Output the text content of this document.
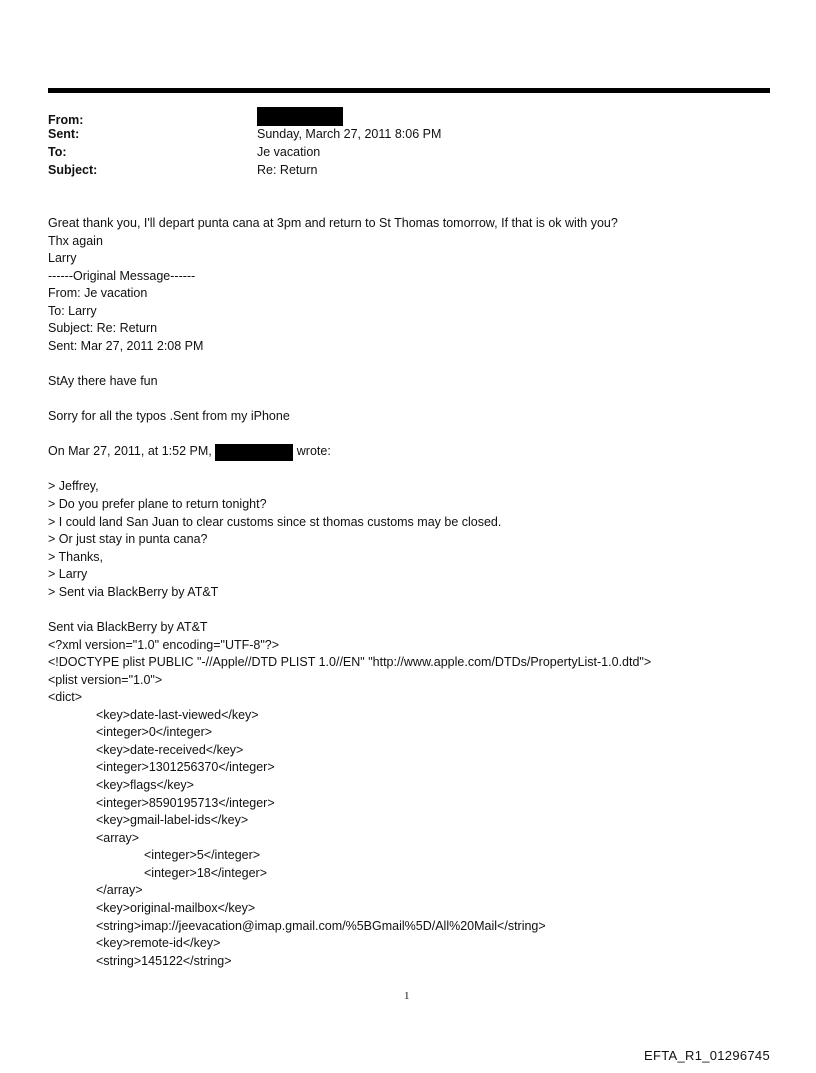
From:
Sent:	Sunday, March 27, 2011 8:06 PM
To:	Je vacation
Subject:	Re: Return
Great thank you, I'll depart punta cana at 3pm and return to St Thomas tomorrow, If that is ok with you?
Thx again
Larry
------Original Message------
From: Je vacation
To: Larry
Subject: Re: Return
Sent: Mar 27, 2011 2:08 PM
StAy there have fun
Sorry for all the typos .Sent from my iPhone
On Mar 27, 2011, at 1:52 PM,	wrote:
> Jeffrey,
> Do you prefer plane to return tonight?
> I could land San Juan to clear customs since st thomas customs may be closed.
> Or just stay in punta cana?
> Thanks,
> Larry
> Sent via BlackBerry by AT&T
Sent via BlackBerry by AT&T
<?xml version="1.0" encoding="UTF-8"?>
<!DOCTYPE plist PUBLIC "-//Apple//DTD PLIST 1.0//EN" "http://www.apple.com/DTDs/PropertyList-1.0.dtd">
<plist version="1.0">
<dict>
<key>date-last-viewed</key>
<integer>0</integer>
<key>date-received</key>
<integer>1301256370</integer>
<key>flags</key>
<integer>8590195713</integer>
<key>gmail-label-ids</key>
<array>
<integer>5</integer>
<integer>18</integer>
</array>
<key>original-mailbox</key>
<string>imap://jeevacation@imap.gmail.com/%5BGmail%5D/All%20Mail</string>
<key>remote-id</key>
<string>145122</string>
1
EFTA_R1_01296745
